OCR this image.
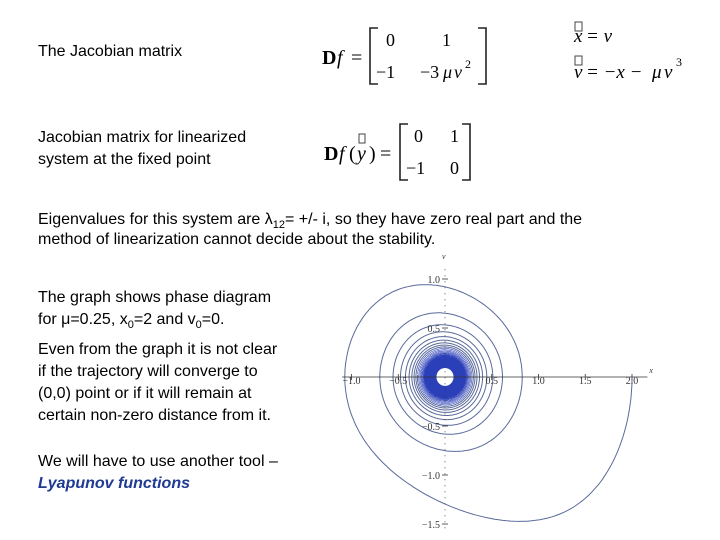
The Jacobian matrix	D f =
0	1
−1 −3 μ v 2
x = v
v = −x − μ v 3
Jacobian matrix for linearized
system at the fixed point	D f ( y ) =
0 1
−1 0
Eigenvalues for this system are $\lambda_{12}=$ +/- i, so they have zero real part and the
method of linearization cannot decide about the stability.
The graph shows phase diagram
for μ=0.25, $x_0=2$ and $v_0=0$.
Even from the graph it is not clear
if the trajectory will converge to
(0,0) point or if it will remain at
certain non-zero distance from it.
We will have to use another tool –
Lyapunov functions
x
v
−1.0	−0.5	0.5	1.0	1.5	2.0
1.0
0.5
−0.5
−1.0
−1.5
